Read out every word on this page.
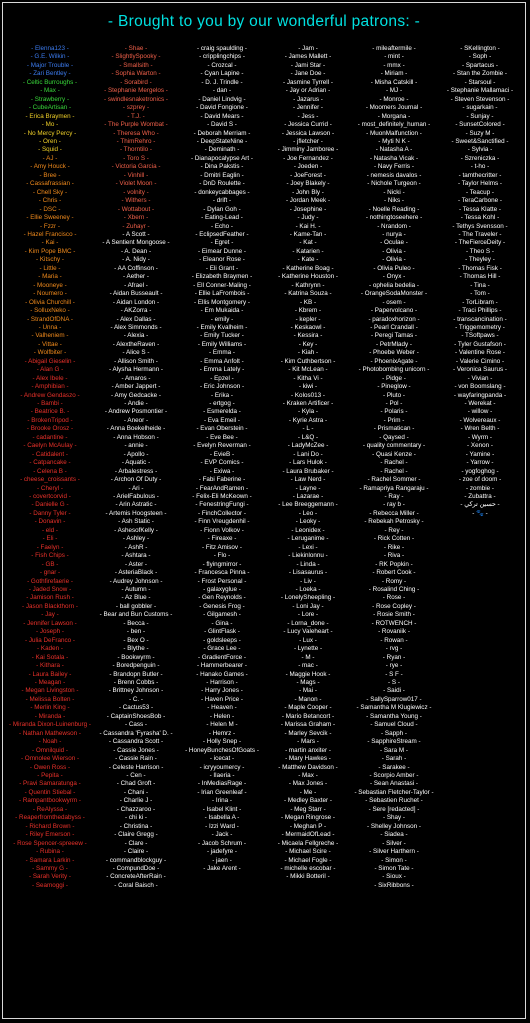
- Brought to you by our wonderful patrons: -
- Elenna123 -
- G.E. Wilkin -
- Major Trouble -
- Zari Bentley -
- Celtic Burroughs -
- Max -
- Strawberry -
- CubeArtisan -
- Erica Braymen -
- Mo -
- No Mercy Percy -
- Oren -
- Squid -
- AJ -
- Amy Houck -
- Bree -
- Cassafrassian -
- Chell Sky -
- Chris -
- DSC -
- Ellie Sweeney -
- Fzzr -
- Hazel Francisco -
- Kai -
- Kim Pope BMC -
- Kitschy -
- Little -
- Maria -
- Mooneye -
- Noumero -
- Olivia Churchill -
- SolluxNeko -
- StrandOfDNA -
- Unna -
- Valheniem -
- Vittae -
- Wolfbiter -
- Abigail Gieselin -
- Alan G -
- Alex Ibele -
- Amphibian -
- Andrew Gendaszo -
- Bambi -
- Beatrice B. -
- BrokenTripod -
- Brooke Orosz -
- cadantine -
- Caelyn McAulay -
- Catidalent -
- Catpancake -
- Celena B -
- cheese_croissants -
- Cheryl -
- covertcorvid -
- Danielle G -
- Danny Tyler -
- Donavin -
- eld -
- Eli -
- Faelyn -
- Fish Chips -
- GB -
- gnar -
- Gothfirefaerie -
- Jaded Snow -
- Jamison Rush -
- Jason Blackthorn -
- Jay -
- Jennifer Lawson -
- Joseph -
- Julia DeFranco -
- Kaden -
- Kai Sotala -
- Kithara -
- Laura Bailey -
- Meagan -
- Megan Livingston -
- Melissa Bolten -
- Merlin King -
- Miranda -
- Miranda Dixon-Luinenburg -
- Nathan Mathewson -
- Noah -
- Omnilquid -
- Omnolee Wierson -
- Owen Ross -
- Pepita -
- Pravi Samaratunga -
- Quentin Stiebal -
- Rampantbookwyrm -
- ReAlyssa -
- Reaperfromthedabyss -
- Richard Brown -
- Riley Emerson -
- Rose Spencer-spreeew -
- Rubina -
- Samara Larkin -
- Sammy G -
- Sarah Verity -
- Seamoggi -
- Shae -
- SlightlySpooky -
- Smallsith -
- Sophia Warton -
- Sorabird -
- Stephanie Mergelos -
- swindlesnaketronics -
- szprey -
- T.J. -
- The Purple Wombat -
- Theresa Who -
- ThimRehro -
- Thorntilo -
- Toro S -
- Victoria Garcia -
- Vinhill -
- Violet Moon -
- volnity -
- Withers -
- Wottabout -
- Xbern -
- Zuhayr -
- A Scott -
- A Sentient Mongoose -
- A. Dean -
- A. Nidy -
- AA Coffinson -
- Aether -
- Afrael -
- Aidan Busseault -
- Aidan London -
- AKZorra -
- Alex Dallas -
- Alex Simmonds -
- Alexia -
- AlextheRaven -
- Alice S -
- Allison Smith -
- Alysha Hermann -
- Amaros -
- Amber Jappert -
- Amy Gedcacke -
- Andie -
- Andrew Posmontier -
- Aneor -
- Anna Boekelheide -
- Anna Hobson -
- annie -
- Apollo -
- Aquatic -
- Arbalestress -
- Archon Of Duty -
- Ari -
- ArielFabulous -
- Arin Astratic -
- Artemis Hoogsteen -
- Ash Static -
- AshesofKelly -
- Ashley -
- AshR -
- Ashtara -
- Aster -
- AsteriaBlack -
- Audrey Johnson -
- Autumn -
- Az Blue -
- ball gobbler -
- Bear and Bun Customs -
- Becca -
- ben -
- Bex O -
- Blythe -
- Bookwyrm -
- Boredpenguin -
- Brandopn Butler -
- Brenn Cobbs -
- Brittney Johnson -
- C. -
- Cactus53 -
- CaptainShoesBob -
- Cass -
- Cassandra 'Fyrasha' D. -
- Cassandra Scott -
- Cassie Jones -
- Cassie Rain -
- Celeste Harrison -
- Cen -
- Chad Groft -
- Chani -
- Charlie J -
- Chazzaroo -
- chi ki -
- Christina -
- Claire Gregg -
- Clare -
- Claire -
- commandblockguy -
- CompundDoe -
- ConcreteAfterRain -
- Coral Baisch -
- craig spaulding -
- cripplingchips -
- Crozcal -
- Cyan Lapine -
- D. J. Trindle -
- dan -
- Daniel Lindvig -
- David Fongione -
- David Mears -
- David S -
- Deborah Merriam -
- DeepStateNine -
- Deminath -
- Dianapocalypse Art -
- Dina Pakstis -
- Dmitri Eaglin -
- DnD Roulette -
- donkeycabbages -
- drift -
- Dylan Goh -
- Eating-Lead -
- Echo -
- EclipsedFeather -
- Egret -
- Eimear Dunne -
- Eleanor Rose -
- Eli Grant -
- Elizabeth Braymen -
- Ell Conner-Maling -
- Ellie LaFrombois -
- Ellis Montgomery -
- Em Mukaida -
- emily -
- Emily Kvalheim -
- Emily Tucker -
- Emily Williams -
- Emma -
- Emma Anfolt -
- Emma Lately -
- Epzel -
- Eric Johnson -
- Erika -
- ertgog -
- Esmerelda -
- Eva Emeil -
- Evan Oberstein -
- Eve Bee -
- Evelyn Reverman -
- EvieB -
- EVP Comics -
- Exiwa -
- Fabi Faberine -
- FearAndRamen -
- Felix-Eli McKeown -
- FenestringFungi -
- FinchCollector -
- Finn Vreugdenhil -
- Fionn Volkov -
- Fireaxe -
- Fitz Amisov -
- Flo -
- flyingmirror -
- Francesca Pinna -
- Frost Personal -
- galaxyglue -
- Gen Reynolds -
- Genesis Frog -
- Gilgamesh -
- Gina -
- GlintFlask -
- goldsleeps -
- Grace Lee -
- GradientForce -
- Hammerbearer -
- Hanako Games -
- Harrison -
- Harry Jones -
- Haven Price -
- Heaven -
- Helen -
- Helen M -
- Hemrz -
- Holly Snep -
- HoneyBunchesOfGoats -
- icecat -
- icryyoumercy -
- Ilaeria -
- InMediasRage -
- Irian Greenleaf -
- Irina -
- Isabel Klint -
- Isabella A -
- Izzi Ward -
- Jack -
- Jacob Schrum -
- jadefyre -
- jaen -
- Jake Arent -
- Jam -
- James Mallett -
- Jami Star -
- Jane Doe -
- Jasmine Tyrrell -
- Jay or Adrian -
- Jazarus -
- Jennifer -
- Jess -
- Jessica Currid -
- Jessica Lawson -
- jfletcher -
- Jimminy Jamboree -
- Joe Fernandez -
- Joeden -
- JoeForest -
- Joey Blakely -
- John Bly -
- Jordan Meek -
- Josephine -
- Judy -
- Kai H. -
- Kame-Tan -
- Kat -
- Katarien -
- Kate -
- Katherine Boag -
- Katherine Houston -
- Kathrynn -
- Katrina Souza -
- KB -
- Kbrem -
- kepler -
- Keskaowl -
- Kessira -
- Key -
- Kiah -
- Kim Cuthbertson -
- Kit McLean -
- Kitha Vi -
- kiwi -
- Kolos013 -
- Kraken Artificer -
- Kyla -
- Kyrie Astra -
- L -
- L&Q -
- LadyMcZee -
- Lani Do -
- Lars Hulok -
- Laura Brubaker -
- Law Nerd -
- Layne -
- Lazarae -
- Lee Breeggemann -
- Leo -
- Leoky -
- Leonidex -
- Leruganime -
- Lexi -
- Liekinlonnu -
- Linda -
- Lisasaurus -
- Liv -
- Loeka -
- LonelySheepling -
- Loni Jay -
- Lore -
- Lorna_done -
- Lucy Valeheart -
- Lux -
- Lynette -
- M -
- mac -
- Maggie Hook -
- Mags -
- Mai -
- Manon -
- Maple Cooper -
- Mario Betancort -
- Marissa Graham -
- Marley Sevcik -
- Mars -
- martin anxiter -
- Mary Hawkes -
- Matthew Davidson -
- Max -
- Max Jones -
- Me -
- Medley Baxter -
- Meg Starr -
- Megan Ringrose -
- Meghan P -
- MermaidOfLead -
- Micaela Fellgreche -
- Michael Scire -
- Michael Fogle -
- michelle escobar -
- Mikki Botteril -
- mileaftermile -
- mint -
- mmx -
- Miriam -
- Misha Catskill -
- MJ -
- Monroe -
- Moomers Journal -
- Morgana -
- most_definitely_human -
- MuonMalfunction -
- Myti N K -
- Natasha A -
- Natasha Vicak -
- Navy Ferris -
- nemesis davalos -
- Nichole Turgeon -
- Nicki -
- Niks -
- Noelle Reading -
- nothingtoseehere -
- Nrandom -
- nurya -
- Oculae -
- Olivia -
- Olivia -
- Olivia Puleo -
- Onyx -
- ophelia bedelia -
- OrangeSodaMonster -
- osem -
- Papervolcano -
- paradoxhorizon -
- Pearl Crandall -
- Peregi Tamas -
- PetrMlady -
- Phoebe Weber -
- PhoenixAgate -
- Photobombing unicorn -
- Pidge -
- Pineglow -
- Pluto -
- Pol -
- Polaris -
- Prim -
- Prismatican -
- Qaysed -
- quality commentary -
- Quasi Kenze -
- Rachel -
- Rachel -
- Rachel Sommer -
- Ramapriya Rangaraju -
- Ray -
- ray b -
- Rebecca Miller -
- Rebekah Petrosky -
- Rey -
- Rick Cotten -
- Rike -
- Riva -
- RK Popkin -
- Robert Cook -
- Romy -
- Rosalind Ching -
- Rose -
- Rose Copley -
- Rosie Smith -
- ROTWENCH -
- Rovaniik -
- Rowan -
- rvg -
- Ryan -
- rye -
- S F -
- S -
- Saidi -
- SallySparrow017 -
- Samantha M Klugiewicz -
- Samantha Young -
- Samuel Cloud -
- Sapph -
- SapphireStream -
- Sara M -
- Sarah -
- Sarakee -
- Scorpio Amber -
- Sean Anastasi -
- Sebastian Fletcher-Taylor -
- Sebastien Ruchet -
- Sere [redacted] -
- Shay -
- Shelley Johnson -
- Siadea -
- Silver -
- Silver Harthern -
- Simon -
- Simon Tate -
- Sioux -
- SixRibbons -
- SKellington -
- Soph -
- Spartacus -
- Stan the Zombie -
- Starsoul -
- Stephanie Mallamaci -
- Steven Stevenson -
- sugarkain -
- Sunjay -
- SunsetColored -
- Suzy M -
- Sweet&Sanctified -
- Sylvia -
- Szreniczka -
- t-ho -
- tamthecritter -
- Taylor Helms -
- Teacup -
- TeraCarbone -
- Tessa Klatte -
- Tessa Kohl -
- Tethys Svensson -
- The Traveler -
- TheFierceDeity -
- Theo S -
- Theyley -
- Thomas Fisk -
- Thomas Hill -
- Tina -
- Tom -
- TorLibram -
- Traci Phillips -
- transcancination -
- Triggemometry -
- TSoftpaws -
- Tyler Gustafson -
- Valentine Rose -
- Valerie Cimino -
- Veronica Saurus -
- Vivian -
- von Boomslang -
- wayfaringpanda -
- Werekat -
- willow -
- Wolvereaux -
- Wren Belth -
- Wyrm -
- Xenon -
- Yamine -
- Yarrow -
- yogfoghog -
- zoe of doom -
- zombie -
- Zubattra -
- حسين تركي -
- 🐾 -
